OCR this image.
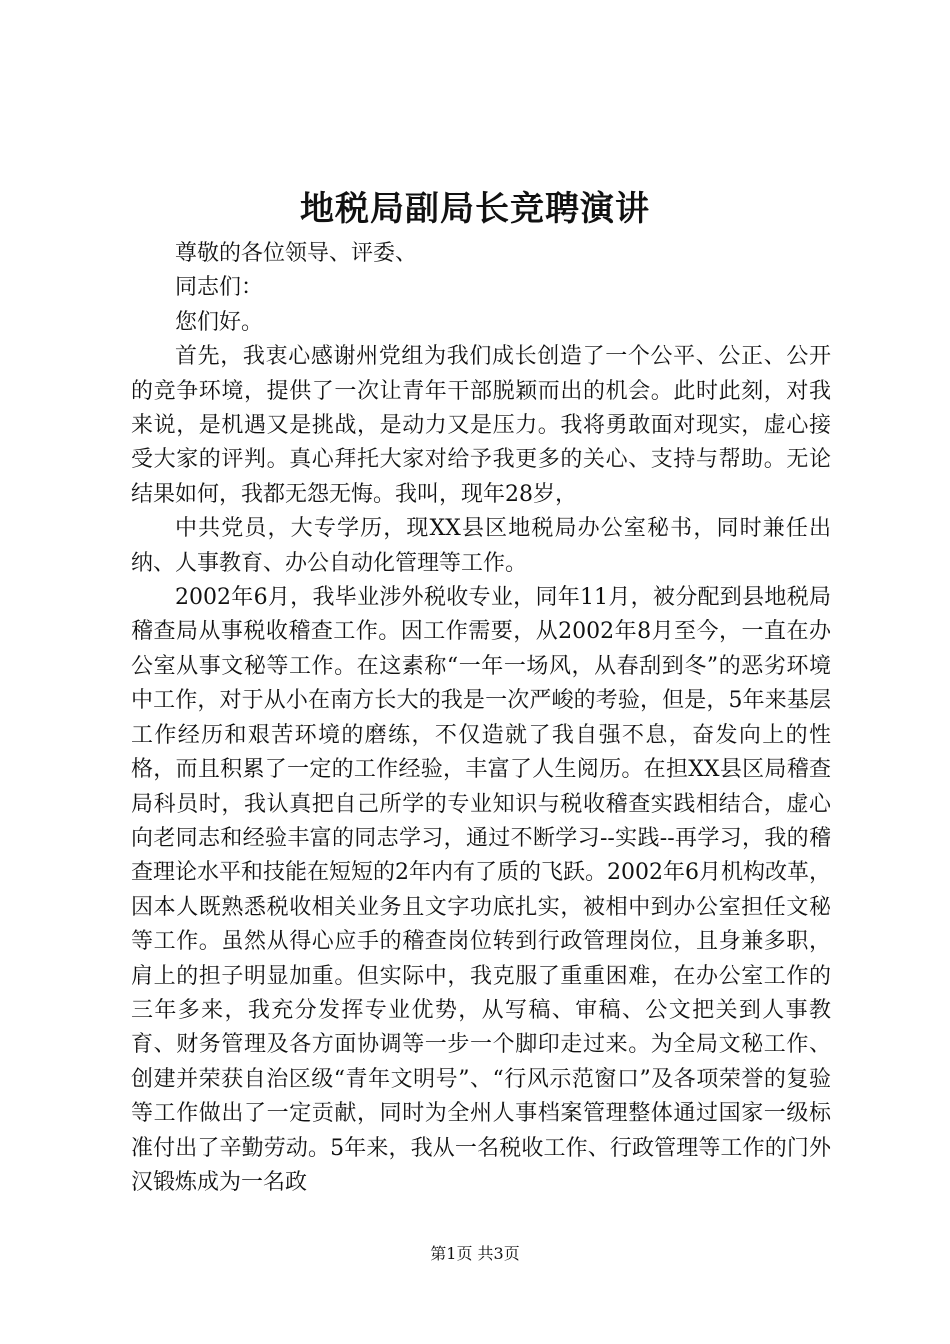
地税局副局长竞聘演讲

尊敬的各位领导、评委、

同志们：

您们好。

首先，我衷心感谢州党组为我们成长创造了一个公平、公正、公开的竞争环境，提供了一次让青年干部脱颖而出的机会。此时此刻，对我来说，是机遇又是挑战，是动力又是压力。我将勇敢面对现实，虚心接受大家的评判。真心拜托大家对给予我更多的关心、支持与帮助。无论结果如何，我都无怨无悔。我叫，现年28岁，

中共党员，大专学历，现XX县区地税局办公室秘书，同时兼任出纳、人事教育、办公自动化管理等工作。

2002年6月，我毕业涉外税收专业，同年11月，被分配到县地税局稽查局从事税收稽查工作。因工作需要，从2002年8月至今，一直在办公室从事文秘等工作。在这素称“一年一场风，从春刮到冬”的恶劣环境中工作，对于从小在南方长大的我是一次严峻的考验，但是，5年来基层工作经历和艰苦环境的磨练，不仅造就了我自强不息，奋发向上的性格，而且积累了一定的工作经验，丰富了人生阅历。在担XX县区局稽查局科员时，我认真把自己所学的专业知识与税收稽查实践相结合，虚心向老同志和经验丰富的同志学习，通过不断学习--实践--再学习，我的稽查理论水平和技能在短短的2年内有了质的飞跃。2002年6月机构改革，因本人既熟悉税收相关业务且文字功底扎实，被相中到办公室担任文秘等工作。虽然从得心应手的稽查岗位转到行政管理岗位，且身兼多职，肩上的担子明显加重。但实际中，我克服了重重困难，在办公室工作的三年多来，我充分发挥专业优势，从写稿、审稿、公文把关到人事教育、财务管理及各方面协调等一步一个脚印走过来。为全局文秘工作、创建并荣获自治区级“青年文明号”、“行风示范窗口”及各项荣誉的复验等工作做出了一定贡献，同时为全州人事档案管理整体通过国家一级标准付出了辛勤劳动。5年来，我从一名税收工作、行政管理等工作的门外汉锻炼成为一名政

第1页 共3页
